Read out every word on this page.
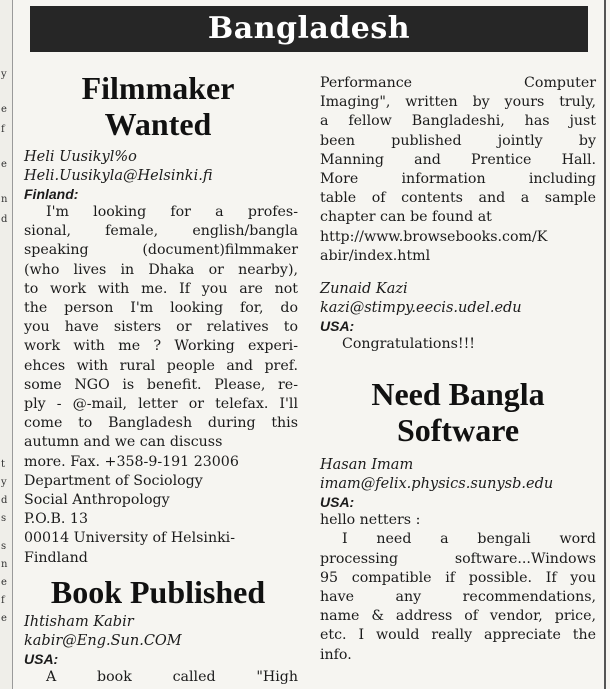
y
e
f
e
n
d
t
y
d
s
s
n
e
f
e
Bangladesh
Filmmaker
Wanted
Heli Uusikyl%o
Heli.Uusikyla@Helsinki.fi
Finland:
I'm looking for a profes-
sional, female, english/bangla
speaking (document)filmmaker
(who lives in Dhaka or nearby),
to work with me. If you are not
the person I'm looking for, do
you have sisters or relatives to
work with me ? Working experi-
ehces with rural people and pref.
some NGO is benefit. Please, re-
ply - @-mail, letter or telefax. I'll
come to Bangladesh during this
autumn and we can discuss
more. Fax. +358-9-191 23006
Department of Sociology
Social Anthropology
P.O.B. 13
00014 University of Helsinki-
Findland
Book Published
Ihtisham Kabir
kabir@Eng.Sun.COM
USA:
A book called "High
Performance Computer
Imaging", written by yours truly,
a fellow Bangladeshi, has just
been published jointly by
Manning and Prentice Hall.
More information including
table of contents and a sample
chapter can be found at
http://www.browsebooks.com/K
abir/index.html
Zunaid Kazi
kazi@stimpy.eecis.udel.edu
USA:
Congratulations!!!
Need Bangla
Software
Hasan Imam
imam@felix.physics.sunysb.edu
USA:
hello netters :
I need a bengali word
processing software...Windows
95 compatible if possible. If you
have any recommendations,
name & address of vendor, price,
etc. I would really appreciate the
info.
